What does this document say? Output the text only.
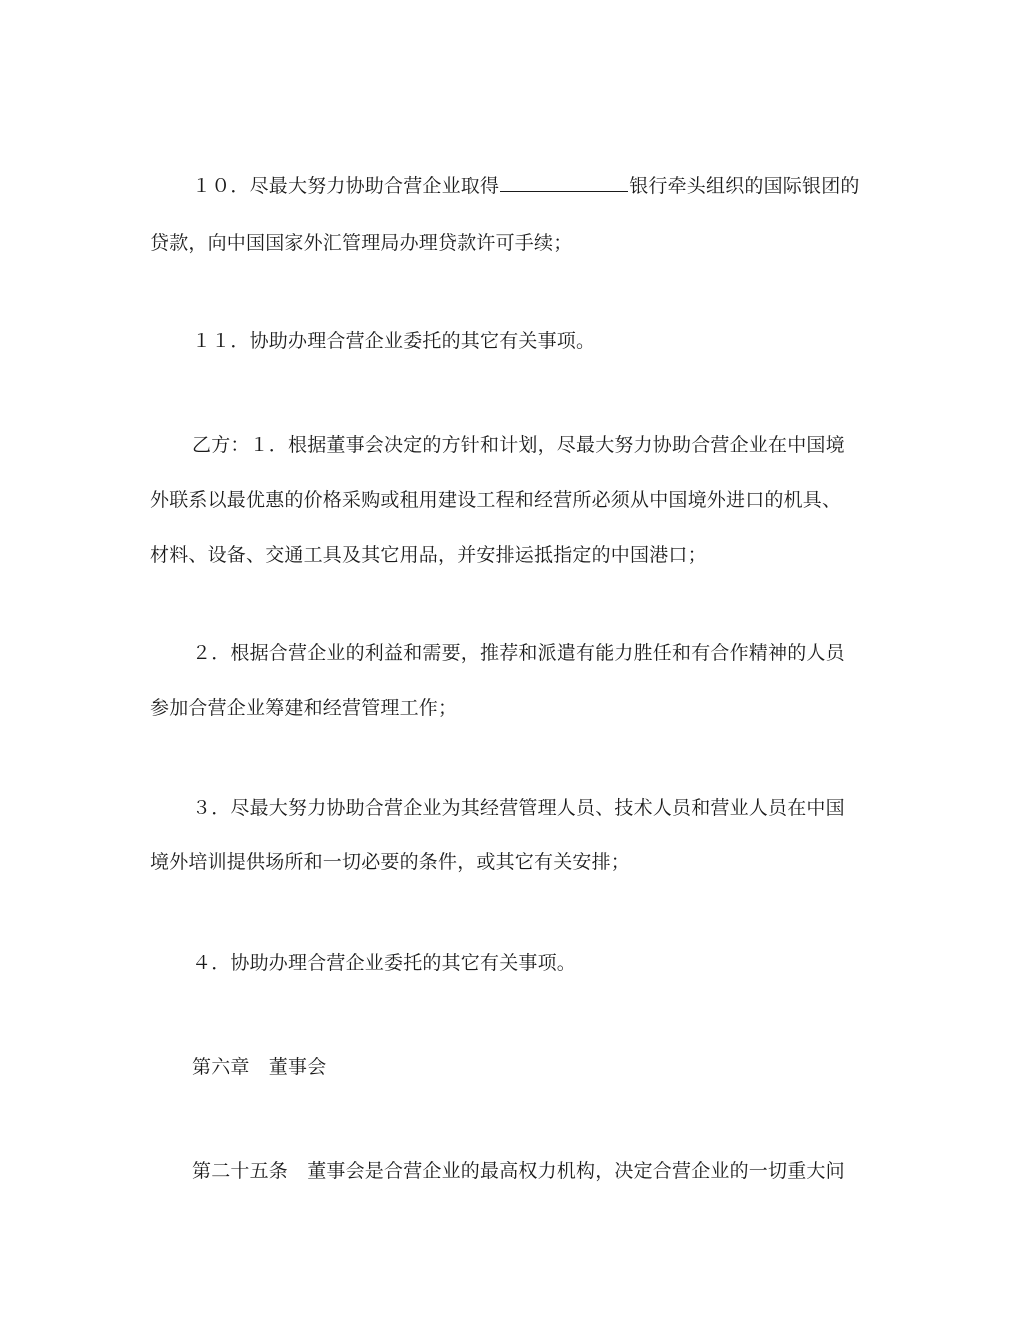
１０．尽最大努力协助合营企业取得	银行牵头组织的国际银团的
贷款，向中国国家外汇管理局办理贷款许可手续；
１１．协助办理合营企业委托的其它有关事项。
乙方：１．根据董事会决定的方针和计划，尽最大努力协助合营企业在中国境
外联系以最优惠的价格采购或租用建设工程和经营所必须从中国境外进口的机具、
材料、设备、交通工具及其它用品，并安排运抵指定的中国港口；
２．根据合营企业的利益和需要，推荐和派遣有能力胜任和有合作精神的人员
参加合营企业筹建和经营管理工作；
３．尽最大努力协助合营企业为其经营管理人员、技术人员和营业人员在中国
境外培训提供场所和一切必要的条件，或其它有关安排；
４．协助办理合营企业委托的其它有关事项。
第六章　董事会
第二十五条　董事会是合营企业的最高权力机构，决定合营企业的一切重大问
